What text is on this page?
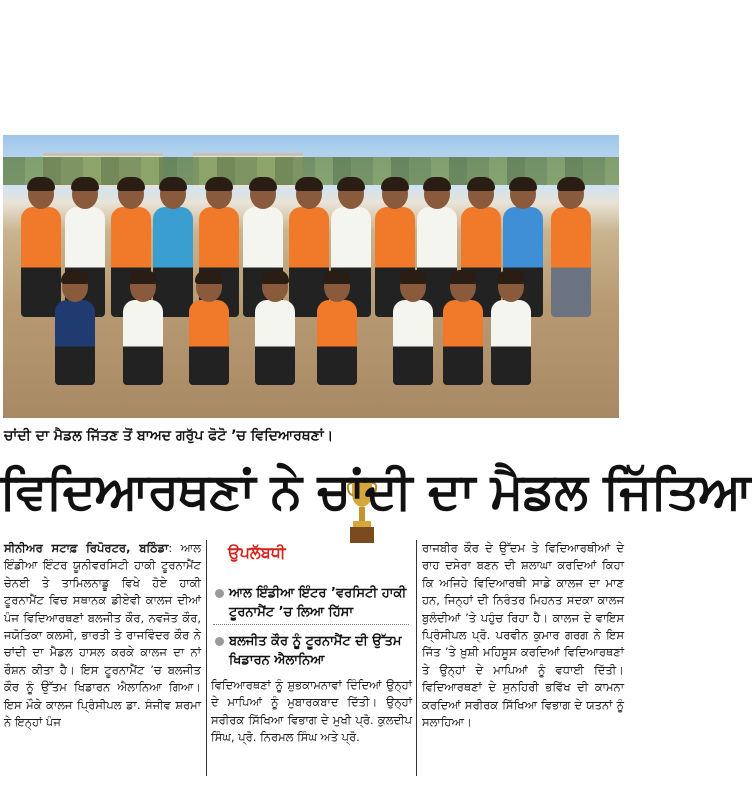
ਚਾਂਦੀ ਦਾ ਮੈਡਲ ਜਿੱਤਣ ਤੋਂ ਬਾਅਦ ਗਰੁੱਪ ਫੋਟੋ ’ਚ ਵਿਦਿਆਰਥਣਾਂ।
ਵਿਦਿਆਰਥਣਾਂ ਨੇ ਚਾਂਦੀ ਦਾ ਮੈਡਲ ਜਿੱਤਿਆ
ਸੀਨੀਅਰ ਸਟਾਫ਼ ਰਿਪੋਰਟਰ, ਬਠਿੰਡਾ: ਆਲ ਇੰਡੀਆ ਇੰਟਰ ਯੂਨੀਵਰਸਿਟੀ ਹਾਕੀ ਟੂਰਨਾਮੈਂਟ ਚੇਨਈ ਤੇ ਤਾਮਿਲਨਾਡੂ ਵਿਖੇ ਹੋਏ ਹਾਕੀ ਟੂਰਨਾਮੈਂਟ ਵਿਚ ਸਥਾਨਕ ਡੀਏਵੀ ਕਾਲਜ ਦੀਆਂ ਪੰਜ ਵਿਦਿਆਰਥਣਾਂ ਬਲਜੀਤ ਕੌਰ, ਨਵਜੋਤ ਕੌਰ, ਜਯੋਤਿਕਾ ਕਲਸੀ, ਭਾਰਤੀ ਤੇ ਰਾਜਵਿੰਦਰ ਕੌਰ ਨੇ ਚਾਂਦੀ ਦਾ ਮੈਡਲ ਹਾਸਲ ਕਰਕੇ ਕਾਲਜ ਦਾ ਨਾਂ ਰੌਸ਼ਨ ਕੀਤਾ ਹੈ। ਇਸ ਟੂਰਨਾਮੈਂਟ ’ਚ ਬਲਜੀਤ ਕੌਰ ਨੂੰ ਉੱਤਮ ਖਿਡਾਰਨ ਐਲਾਨਿਆ ਗਿਆ। ਇਸ ਮੌਕੇ ਕਾਲਜ ਪ੍ਰਿੰਸੀਪਲ ਡਾ. ਸੰਜੀਵ ਸ਼ਰਮਾ ਨੇ ਇਨ੍ਹਾਂ ਪੰਜ
ਉਪਲੱਬਧੀ
ਆਲ ਇੰਡੀਆ ਇੰਟਰ ’ਵਰਸਿਟੀ ਹਾਕੀ ਟੂਰਨਾਮੈਂਟ ’ਚ ਲਿਆ ਹਿੱਸਾ
ਬਲਜੀਤ ਕੌਰ ਨੂੰ ਟੂਰਨਾਮੈਂਟ ਦੀ ਉੱਤਮ ਖਿਡਾਰਨ ਐਲਾਨਿਆ
ਵਿਦਿਆਰਥਣਾਂ ਨੂੰ ਸ਼ੁਭਕਾਮਨਾਵਾਂ ਦਿੰਦਿਆਂ ਉਨ੍ਹਾਂ ਦੇ ਮਾਪਿਆਂ ਨੂੰ ਮੁਬਾਰਕਬਾਦ ਦਿੱਤੀ। ਉਨ੍ਹਾਂ ਸਰੀਰਕ ਸਿੱਖਿਆ ਵਿਭਾਗ ਦੇ ਮੁਖੀ ਪ੍ਰੋ. ਕੁਲਦੀਪ ਸਿੰਘ, ਪ੍ਰੋ. ਨਿਰਮਲ ਸਿੰਘ ਅਤੇ ਪ੍ਰੋ.
ਰਾਜਬੀਰ ਕੌਰ ਦੇ ਉੱਦਮ ਤੇ ਵਿਦਿਆਰਥੀਆਂ ਦੇ ਰਾਹ ਦਸੇਰਾ ਬਣਨ ਦੀ ਸ਼ਲਾਘਾ ਕਰਦਿਆਂ ਕਿਹਾ ਕਿ ਅਜਿਹੇ ਵਿਦਿਆਰਥੀ ਸਾਡੇ ਕਾਲਜ ਦਾ ਮਾਣ ਹਨ, ਜਿਨ੍ਹਾਂ ਦੀ ਨਿਰੰਤਰ ਮਿਹਨਤ ਸਦਕਾ ਕਾਲਜ ਬੁਲੰਦੀਆਂ ’ਤੇ ਪਹੁੰਚ ਰਿਹਾ ਹੈ। ਕਾਲਜ ਦੇ ਵਾਇਸ ਪ੍ਰਿੰਸੀਪਲ ਪ੍ਰੋ. ਪਰਵੀਨ ਕੁਮਾਰ ਗਰਗ ਨੇ ਇਸ ਜਿੱਤ ’ਤੇ ਖ਼ੁਸ਼ੀ ਮਹਿਸੂਸ ਕਰਦਿਆਂ ਵਿਦਿਆਰਥਣਾਂ ਤੇ ਉਨ੍ਹਾਂ ਦੇ ਮਾਪਿਆਂ ਨੂੰ ਵਧਾਈ ਦਿੱਤੀ। ਵਿਦਿਆਰਥਣਾਂ ਦੇ ਸੁਨਹਿਰੀ ਭਵਿੱਖ ਦੀ ਕਾਮਨਾ ਕਰਦਿਆਂ ਸਰੀਰਕ ਸਿੱਖਿਆ ਵਿਭਾਗ ਦੇ ਯਤਨਾਂ ਨੂੰ ਸਲਾਹਿਆ।
